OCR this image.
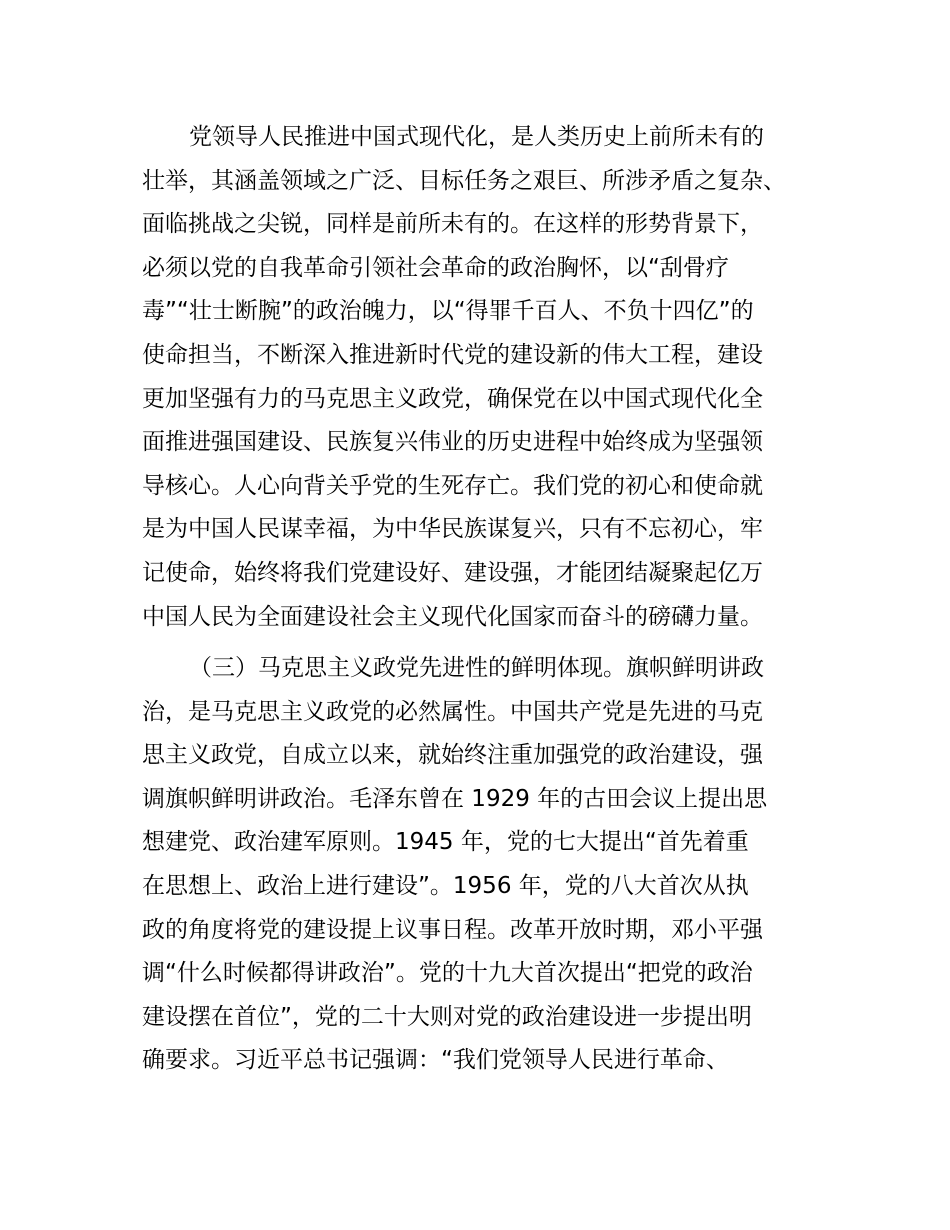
党领导人民推进中国式现代化，是人类历史上前所未有的
壮举，其涵盖领域之广泛、目标任务之艰巨、所涉矛盾之复杂、
面临挑战之尖锐，同样是前所未有的。在这样的形势背景下，
必须以党的自我革命引领社会革命的政治胸怀，以“刮骨疗
毒”“壮士断腕”的政治魄力，以“得罪千百人、不负十四亿”的
使命担当，不断深入推进新时代党的建设新的伟大工程，建设
更加坚强有力的马克思主义政党，确保党在以中国式现代化全
面推进强国建设、民族复兴伟业的历史进程中始终成为坚强领
导核心。人心向背关乎党的生死存亡。我们党的初心和使命就
是为中国人民谋幸福，为中华民族谋复兴，只有不忘初心，牢
记使命，始终将我们党建设好、建设强，才能团结凝聚起亿万
中国人民为全面建设社会主义现代化国家而奋斗的磅礴力量。
（三）马克思主义政党先进性的鲜明体现。旗帜鲜明讲政
治，是马克思主义政党的必然属性。中国共产党是先进的马克
思主义政党，自成立以来，就始终注重加强党的政治建设，强
调旗帜鲜明讲政治。毛泽东曾在 1929 年的古田会议上提出思
想建党、政治建军原则。1945 年，党的七大提出“首先着重
在思想上、政治上进行建设”。1956 年，党的八大首次从执
政的角度将党的建设提上议事日程。改革开放时期，邓小平强
调“什么时候都得讲政治”。党的十九大首次提出“把党的政治
建设摆在首位”，党的二十大则对党的政治建设进一步提出明
确要求。习近平总书记强调：“我们党领导人民进行革命、
